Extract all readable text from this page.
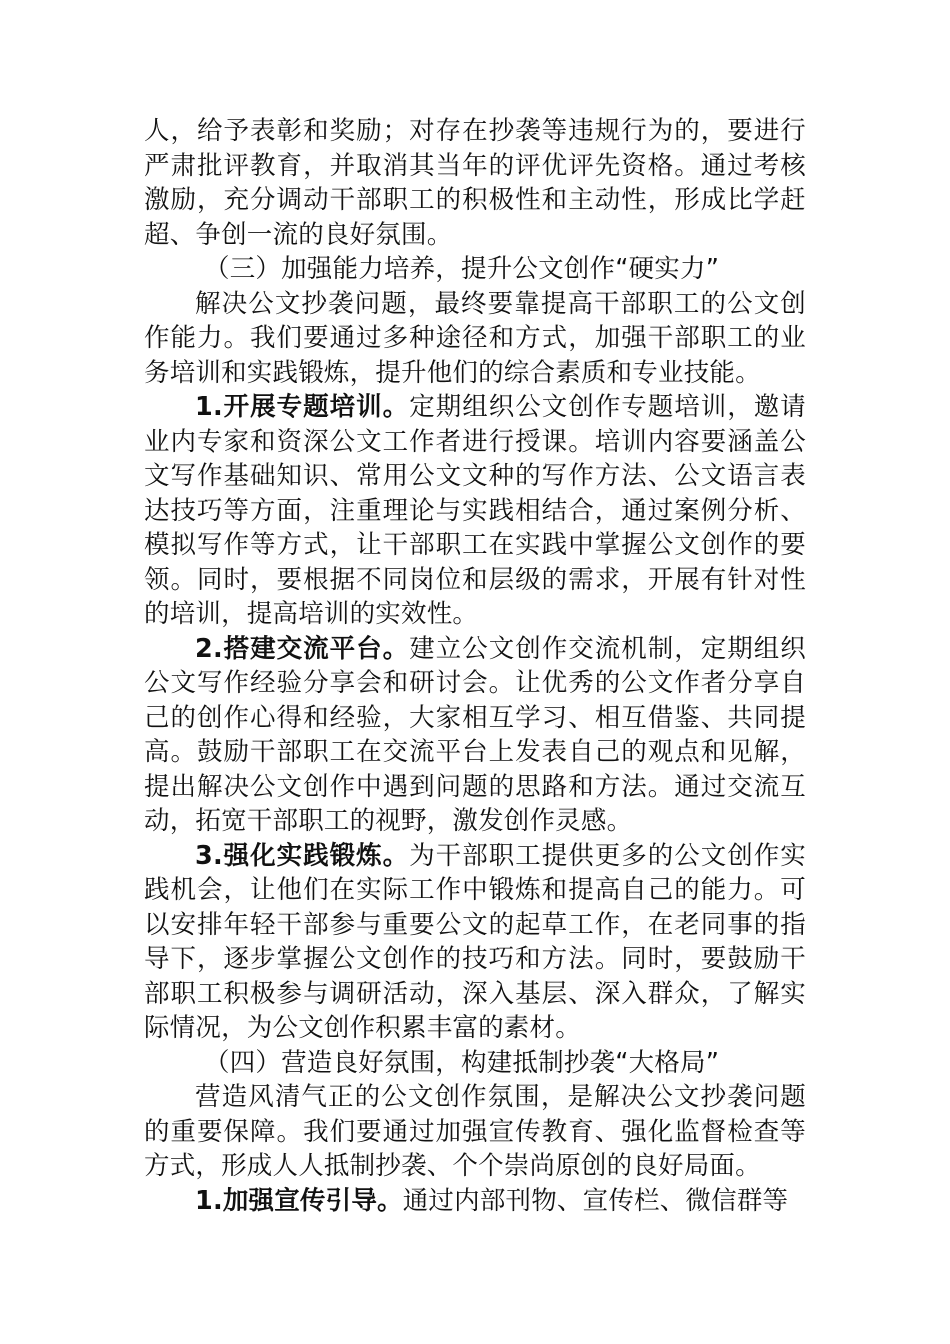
人，给予表彰和奖励；对存在抄袭等违规行为的，要进行严肃批评教育，并取消其当年的评优评先资格。通过考核激励，充分调动干部职工的积极性和主动性，形成比学赶超、争创一流的良好氛围。

（三）加强能力培养，提升公文创作“硬实力”

解决公文抄袭问题，最终要靠提高干部职工的公文创作能力。我们要通过多种途径和方式，加强干部职工的业务培训和实践锻炼，提升他们的综合素质和专业技能。

1.开展专题培训。定期组织公文创作专题培训，邀请业内专家和资深公文工作者进行授课。培训内容要涵盖公文写作基础知识、常用公文文种的写作方法、公文语言表达技巧等方面，注重理论与实践相结合，通过案例分析、模拟写作等方式，让干部职工在实践中掌握公文创作的要领。同时，要根据不同岗位和层级的需求，开展有针对性的培训，提高培训的实效性。

2.搭建交流平台。建立公文创作交流机制，定期组织公文写作经验分享会和研讨会。让优秀的公文作者分享自己的创作心得和经验，大家相互学习、相互借鉴、共同提高。鼓励干部职工在交流平台上发表自己的观点和见解，提出解决公文创作中遇到问题的思路和方法。通过交流互动，拓宽干部职工的视野，激发创作灵感。

3.强化实践锻炼。为干部职工提供更多的公文创作实践机会，让他们在实际工作中锻炼和提高自己的能力。可以安排年轻干部参与重要公文的起草工作，在老同事的指导下，逐步掌握公文创作的技巧和方法。同时，要鼓励干部职工积极参与调研活动，深入基层、深入群众，了解实际情况，为公文创作积累丰富的素材。

（四）营造良好氛围，构建抵制抄袭“大格局”

营造风清气正的公文创作氛围，是解决公文抄袭问题的重要保障。我们要通过加强宣传教育、强化监督检查等方式，形成人人抵制抄袭、个个崇尚原创的良好局面。

1.加强宣传引导。通过内部刊物、宣传栏、微信群等
